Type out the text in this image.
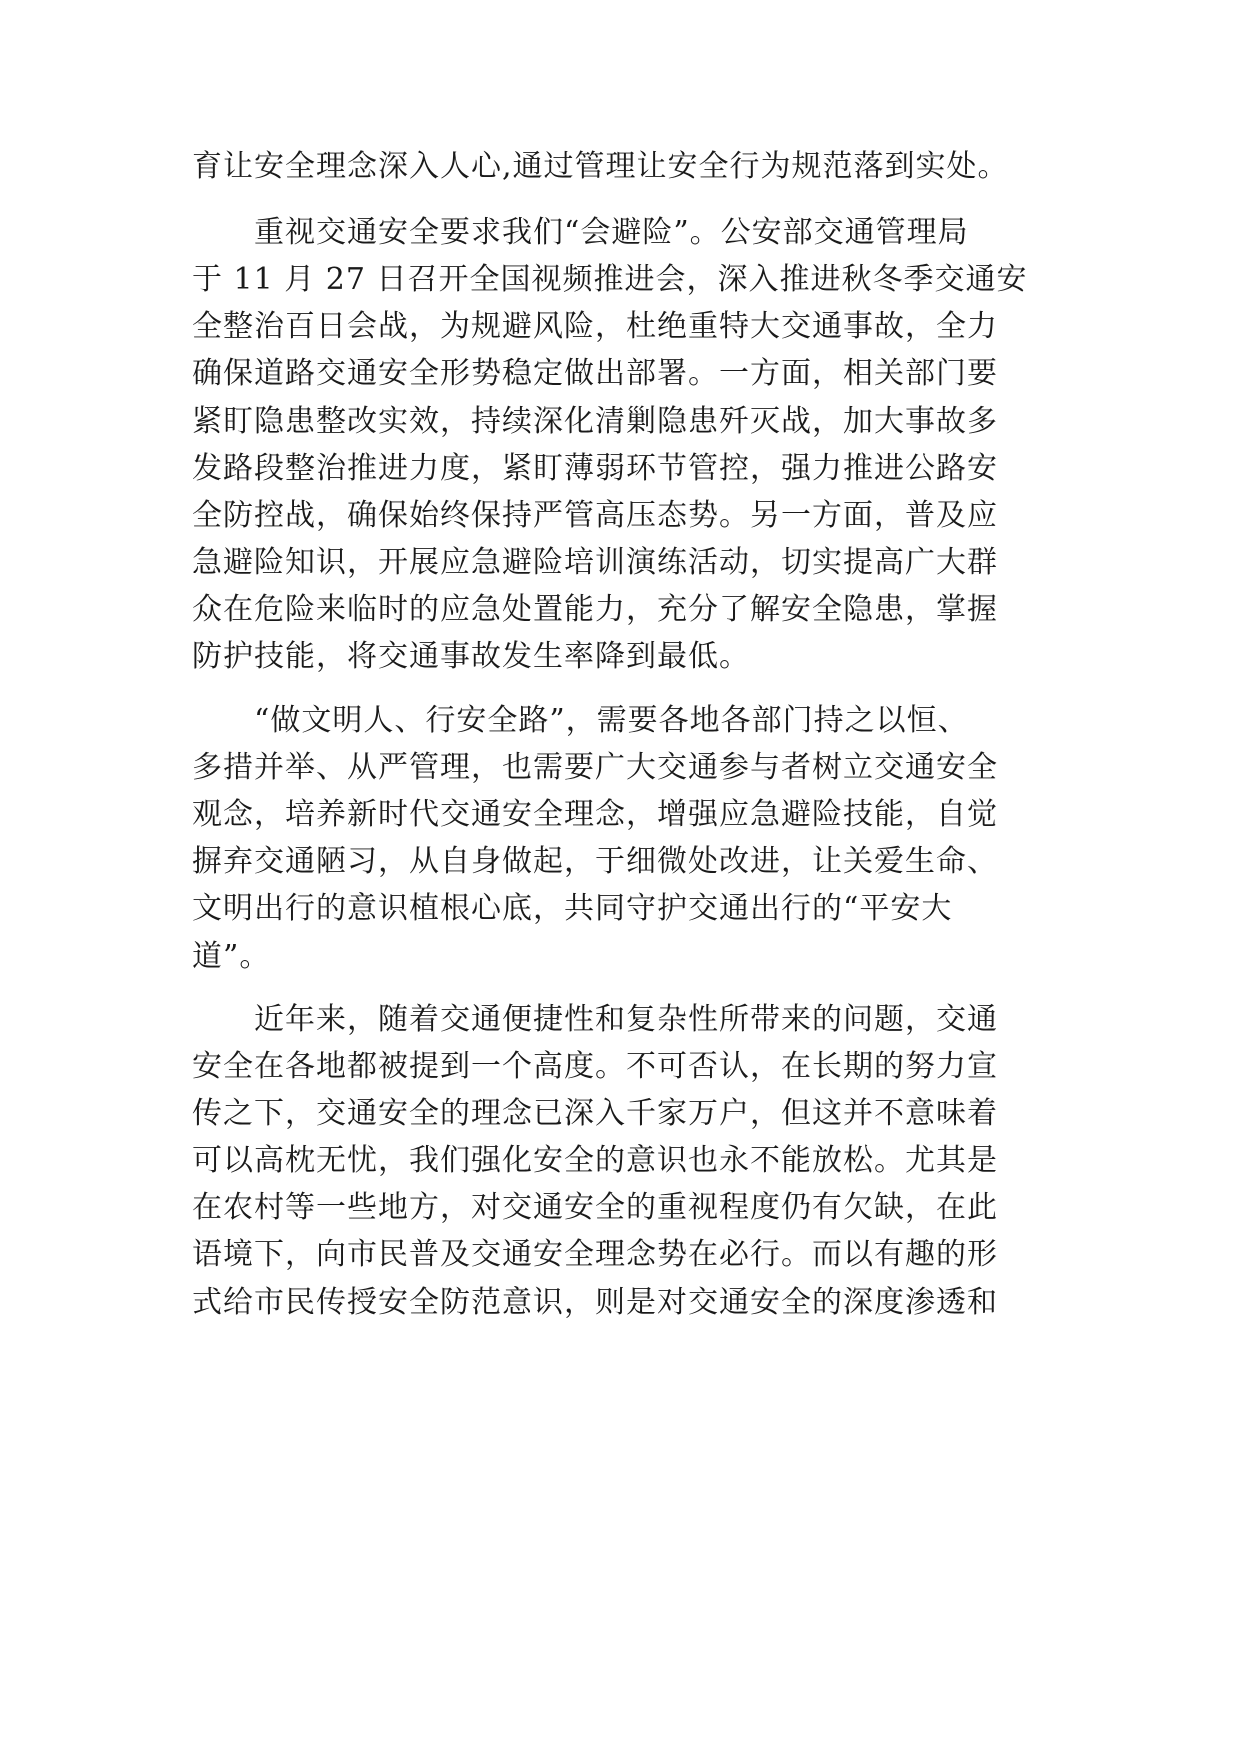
育让安全理念深入人心,通过管理让安全行为规范落到实处。
重视交通安全要求我们“会避险”。公安部交通管理局
于 11 月 27 日召开全国视频推进会，深入推进秋冬季交通安
全整治百日会战，为规避风险，杜绝重特大交通事故，全力
确保道路交通安全形势稳定做出部署。一方面，相关部门要
紧盯隐患整改实效，持续深化清剿隐患歼灭战，加大事故多
发路段整治推进力度，紧盯薄弱环节管控，强力推进公路安
全防控战，确保始终保持严管高压态势。另一方面，普及应
急避险知识，开展应急避险培训演练活动，切实提高广大群
众在危险来临时的应急处置能力，充分了解安全隐患，掌握
防护技能，将交通事故发生率降到最低。
“做文明人、行安全路”，需要各地各部门持之以恒、
多措并举、从严管理，也需要广大交通参与者树立交通安全
观念，培养新时代交通安全理念，增强应急避险技能，自觉
摒弃交通陋习，从自身做起，于细微处改进，让关爱生命、
文明出行的意识植根心底，共同守护交通出行的“平安大
道”。
近年来，随着交通便捷性和复杂性所带来的问题，交通
安全在各地都被提到一个高度。不可否认，在长期的努力宣
传之下，交通安全的理念已深入千家万户，但这并不意味着
可以高枕无忧，我们强化安全的意识也永不能放松。尤其是
在农村等一些地方，对交通安全的重视程度仍有欠缺，在此
语境下，向市民普及交通安全理念势在必行。而以有趣的形
式给市民传授安全防范意识，则是对交通安全的深度渗透和
